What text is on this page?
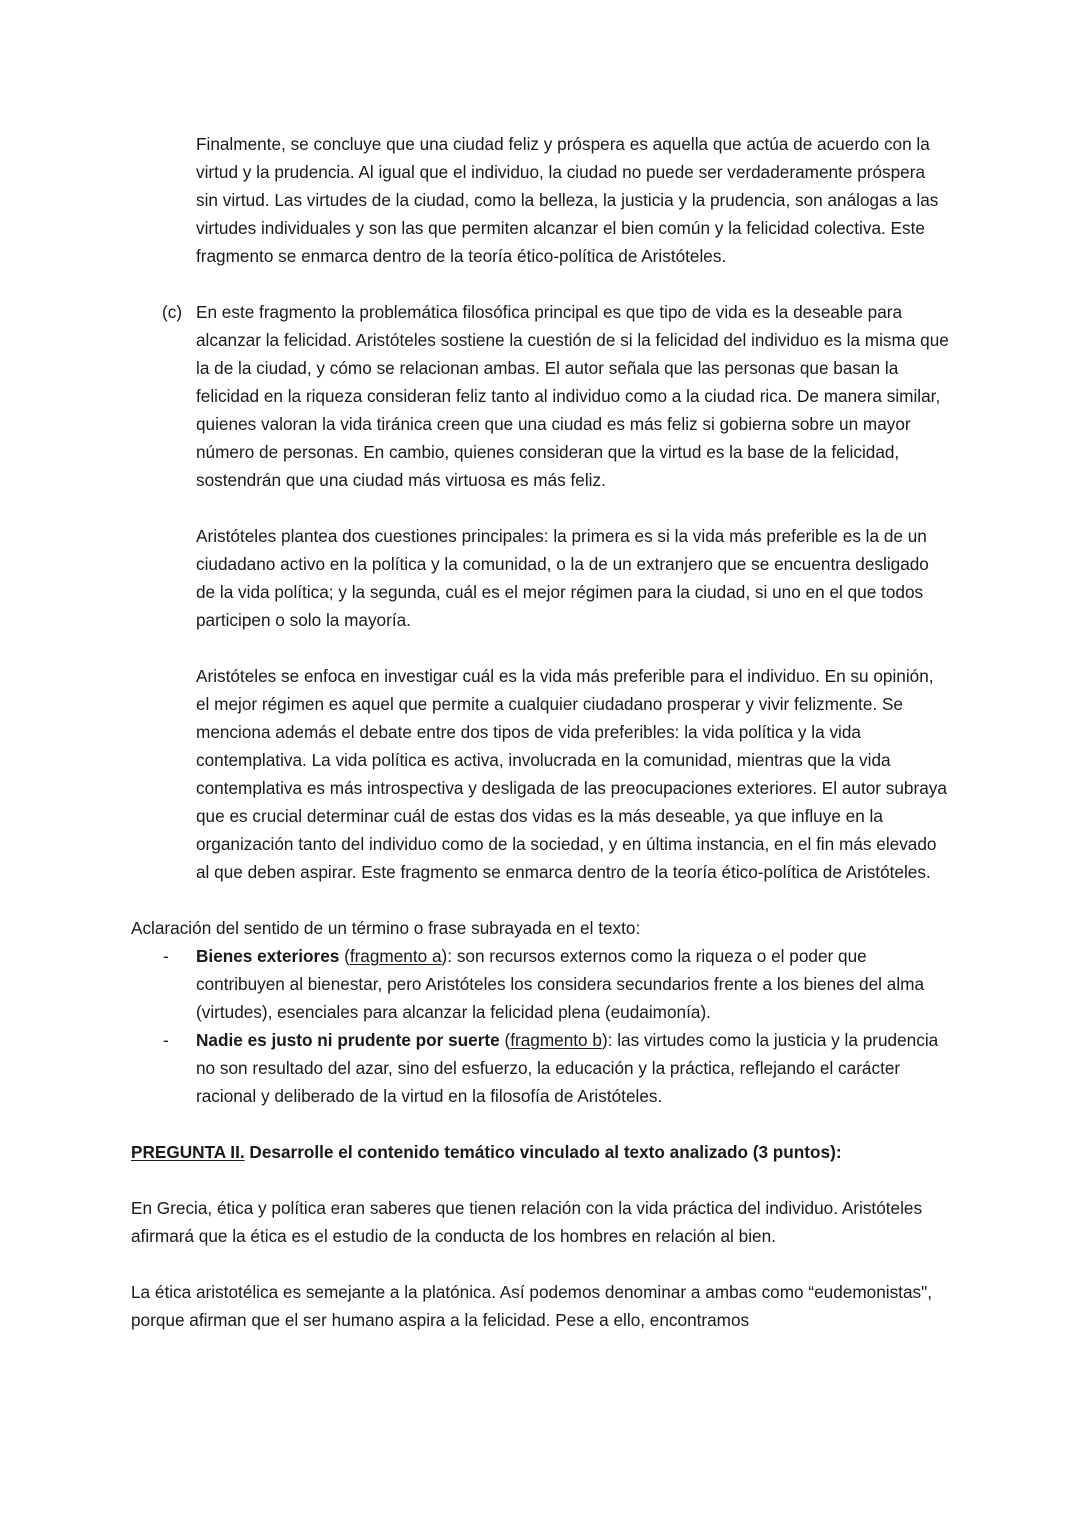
Finalmente, se concluye que una ciudad feliz y próspera es aquella que actúa de acuerdo con la virtud y la prudencia. Al igual que el individuo, la ciudad no puede ser verdaderamente próspera sin virtud. Las virtudes de la ciudad, como la belleza, la justicia y la prudencia, son análogas a las virtudes individuales y son las que permiten alcanzar el bien común y la felicidad colectiva. Este fragmento se enmarca dentro de la teoría ético-política de Aristóteles.

(c) En este fragmento la problemática filosófica principal es que tipo de vida es la deseable para alcanzar la felicidad. Aristóteles sostiene la cuestión de si la felicidad del individuo es la misma que la de la ciudad, y cómo se relacionan ambas. El autor señala que las personas que basan la felicidad en la riqueza consideran feliz tanto al individuo como a la ciudad rica. De manera similar, quienes valoran la vida tiránica creen que una ciudad es más feliz si gobierna sobre un mayor número de personas. En cambio, quienes consideran que la virtud es la base de la felicidad, sostendrán que una ciudad más virtuosa es más feliz.

Aristóteles plantea dos cuestiones principales: la primera es si la vida más preferible es la de un ciudadano activo en la política y la comunidad, o la de un extranjero que se encuentra desligado de la vida política; y la segunda, cuál es el mejor régimen para la ciudad, si uno en el que todos participen o solo la mayoría.

Aristóteles se enfoca en investigar cuál es la vida más preferible para el individuo. En su opinión, el mejor régimen es aquel que permite a cualquier ciudadano prosperar y vivir felizmente. Se menciona además el debate entre dos tipos de vida preferibles: la vida política y la vida contemplativa. La vida política es activa, involucrada en la comunidad, mientras que la vida contemplativa es más introspectiva y desligada de las preocupaciones exteriores. El autor subraya que es crucial determinar cuál de estas dos vidas es la más deseable, ya que influye en la organización tanto del individuo como de la sociedad, y en última instancia, en el fin más elevado al que deben aspirar. Este fragmento se enmarca dentro de la teoría ético-política de Aristóteles.

Aclaración del sentido de un término o frase subrayada en el texto:

- Bienes exteriores (fragmento a): son recursos externos como la riqueza o el poder que contribuyen al bienestar, pero Aristóteles los considera secundarios frente a los bienes del alma (virtudes), esenciales para alcanzar la felicidad plena (eudaimonía).
- Nadie es justo ni prudente por suerte (fragmento b): las virtudes como la justicia y la prudencia no son resultado del azar, sino del esfuerzo, la educación y la práctica, reflejando el carácter racional y deliberado de la virtud en la filosofía de Aristóteles.

PREGUNTA II. Desarrolle el contenido temático vinculado al texto analizado (3 puntos):

En Grecia, ética y política eran saberes que tienen relación con la vida práctica del individuo. Aristóteles afirmará que la ética es el estudio de la conducta de los hombres en relación al bien.

La ética aristotélica es semejante a la platónica. Así podemos denominar a ambas como “eudemonistas", porque afirman que el ser humano aspira a la felicidad. Pese a ello, encontramos
